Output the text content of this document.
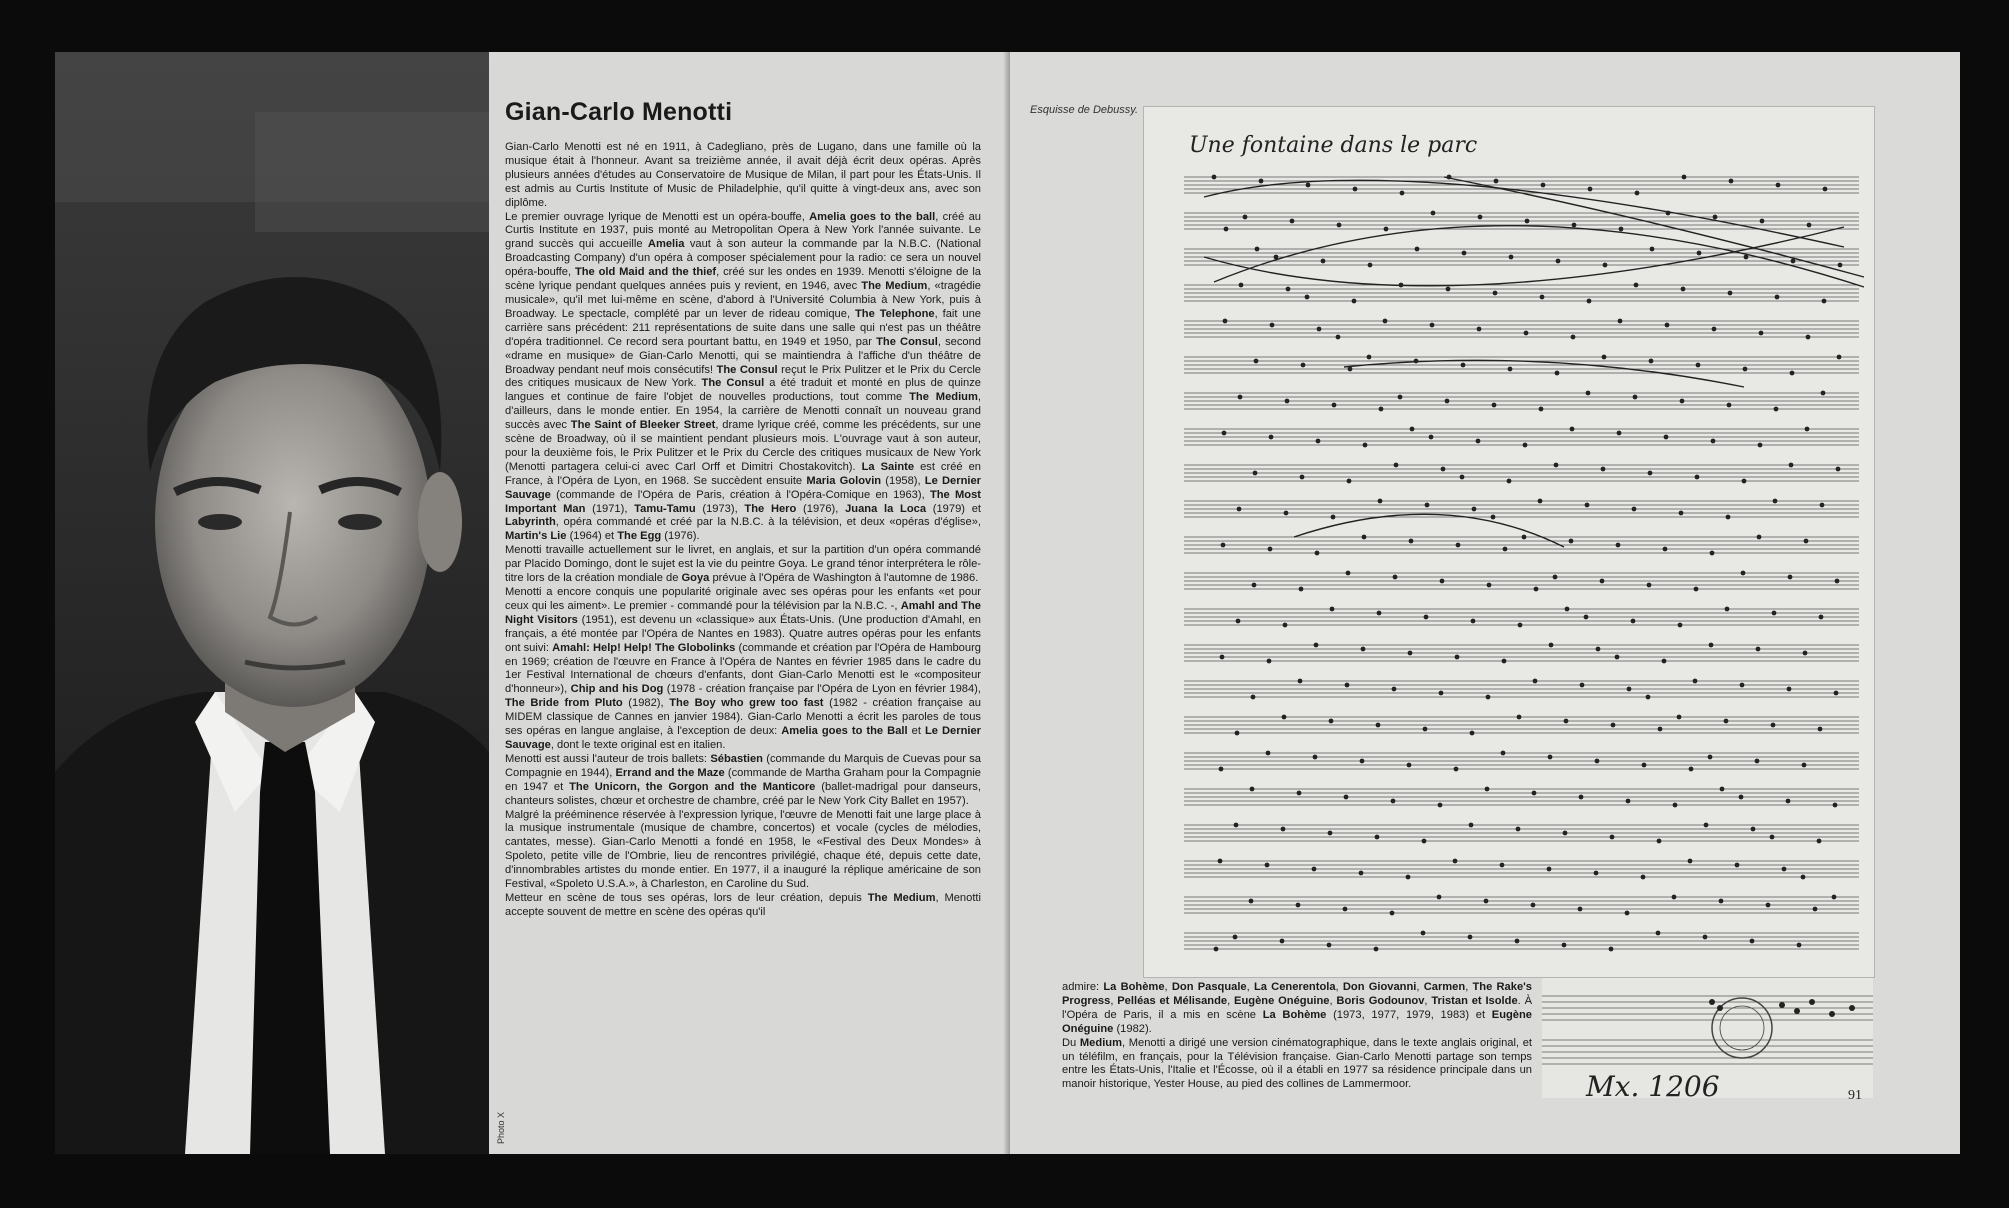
Photo X
Gian-Carlo Menotti

Gian-Carlo Menotti est né en 1911, à Cadegliano, près de Lugano, dans une famille où la musique était à l'honneur. Avant sa treizième année, il avait déjà écrit deux opéras. Après plusieurs années d'études au Conservatoire de Musique de Milan, il part pour les États-Unis. Il est admis au Curtis Institute of Music de Philadelphie, qu'il quitte à vingt-deux ans, avec son diplôme.

Le premier ouvrage lyrique de Menotti est un opéra-bouffe, Amelia goes to the ball, créé au Curtis Institute en 1937, puis monté au Metropolitan Opera à New York l'année suivante. Le grand succès qui accueille Amelia vaut à son auteur la commande par la N.B.C. (National Broadcasting Company) d'un opéra à composer spécialement pour la radio: ce sera un nouvel opéra-bouffe, The old Maid and the thief, créé sur les ondes en 1939. Menotti s'éloigne de la scène lyrique pendant quelques années puis y revient, en 1946, avec The Medium, «tragédie musicale», qu'il met lui-même en scène, d'abord à l'Université Columbia à New York, puis à Broadway. Le spectacle, complété par un lever de rideau comique, The Telephone, fait une carrière sans précédent: 211 représentations de suite dans une salle qui n'est pas un théâtre d'opéra traditionnel. Ce record sera pourtant battu, en 1949 et 1950, par The Consul, second «drame en musique» de Gian-Carlo Menotti, qui se maintiendra à l'affiche d'un théâtre de Broadway pendant neuf mois consécutifs! The Consul reçut le Prix Pulitzer et le Prix du Cercle des critiques musicaux de New York. The Consul a été traduit et monté en plus de quinze langues et continue de faire l'objet de nouvelles productions, tout comme The Medium, d'ailleurs, dans le monde entier. En 1954, la carrière de Menotti connaît un nouveau grand succès avec The Saint of Bleeker Street, drame lyrique créé, comme les précédents, sur une scène de Broadway, où il se maintient pendant plusieurs mois. L'ouvrage vaut à son auteur, pour la deuxième fois, le Prix Pulitzer et le Prix du Cercle des critiques musicaux de New York (Menotti partagera celui-ci avec Carl Orff et Dimitri Chostakovitch). La Sainte est créé en France, à l'Opéra de Lyon, en 1968. Se succèdent ensuite Maria Golovin (1958), Le Dernier Sauvage (commande de l'Opéra de Paris, création à l'Opéra-Comique en 1963), The Most Important Man (1971), Tamu-Tamu (1973), The Hero (1976), Juana la Loca (1979) et Labyrinth, opéra commandé et créé par la N.B.C. à la télévision, et deux «opéras d'église», Martin's Lie (1964) et The Egg (1976).

Menotti travaille actuellement sur le livret, en anglais, et sur la partition d'un opéra commandé par Placido Domingo, dont le sujet est la vie du peintre Goya. Le grand ténor interprétera le rôle-titre lors de la création mondiale de Goya prévue à l'Opéra de Washington à l'automne de 1986.

Menotti a encore conquis une popularité originale avec ses opéras pour les enfants «et pour ceux qui les aiment». Le premier - commandé pour la télévision par la N.B.C. -, Amahl and The Night Visitors (1951), est devenu un «classique» aux États-Unis. (Une production d'Amahl, en français, a été montée par l'Opéra de Nantes en 1983). Quatre autres opéras pour les enfants ont suivi: Amahl: Help! Help! The Globolinks (commande et création par l'Opéra de Hambourg en 1969; création de l'œuvre en France à l'Opéra de Nantes en février 1985 dans le cadre du 1er Festival International de chœurs d'enfants, dont Gian-Carlo Menotti est le «compositeur d'honneur»), Chip and his Dog (1978 - création française par l'Opéra de Lyon en février 1984), The Bride from Pluto (1982), The Boy who grew too fast (1982 - création française au MIDEM classique de Cannes en janvier 1984). Gian-Carlo Menotti a écrit les paroles de tous ses opéras en langue anglaise, à l'exception de deux: Amelia goes to the Ball et Le Dernier Sauvage, dont le texte original est en italien.

Menotti est aussi l'auteur de trois ballets: Sébastien (commande du Marquis de Cuevas pour sa Compagnie en 1944), Errand and the Maze (commande de Martha Graham pour la Compagnie en 1947 et The Unicorn, the Gorgon and the Manticore (ballet-madrigal pour danseurs, chanteurs solistes, chœur et orchestre de chambre, créé par le New York City Ballet en 1957).

Malgré la prééminence réservée à l'expression lyrique, l'œuvre de Menotti fait une large place à la musique instrumentale (musique de chambre, concertos) et vocale (cycles de mélodies, cantates, messe). Gian-Carlo Menotti a fondé en 1958, le «Festival des Deux Mondes» à Spoleto, petite ville de l'Ombrie, lieu de rencontres privilégié, chaque été, depuis cette date, d'innombrables artistes du monde entier. En 1977, il a inauguré la réplique américaine de son Festival, «Spoleto U.S.A.», à Charleston, en Caroline du Sud.

Metteur en scène de tous ses opéras, lors de leur création, depuis The Medium, Menotti accepte souvent de mettre en scène des opéras qu'il

Esquisse de Debussy.
Une fontaine dans le parc
admire: La Bohème, Don Pasquale, La Cenerentola, Don Giovanni, Carmen, The Rake's Progress, Pelléas et Mélisande, Eugène Onéguine, Boris Godounov, Tristan et Isolde. À l'Opéra de Paris, il a mis en scène La Bohème (1973, 1977, 1979, 1983) et Eugène Onéguine (1982).
Du Medium, Menotti a dirigé une version cinématographique, dans le texte anglais original, et un téléfilm, en français, pour la Télévision française. Gian-Carlo Menotti partage son temps entre les États-Unis, l'Italie et l'Écosse, où il a établi en 1977 sa résidence principale dans un manoir historique, Yester House, au pied des collines de Lammermoor.	Mx. 1206	91
